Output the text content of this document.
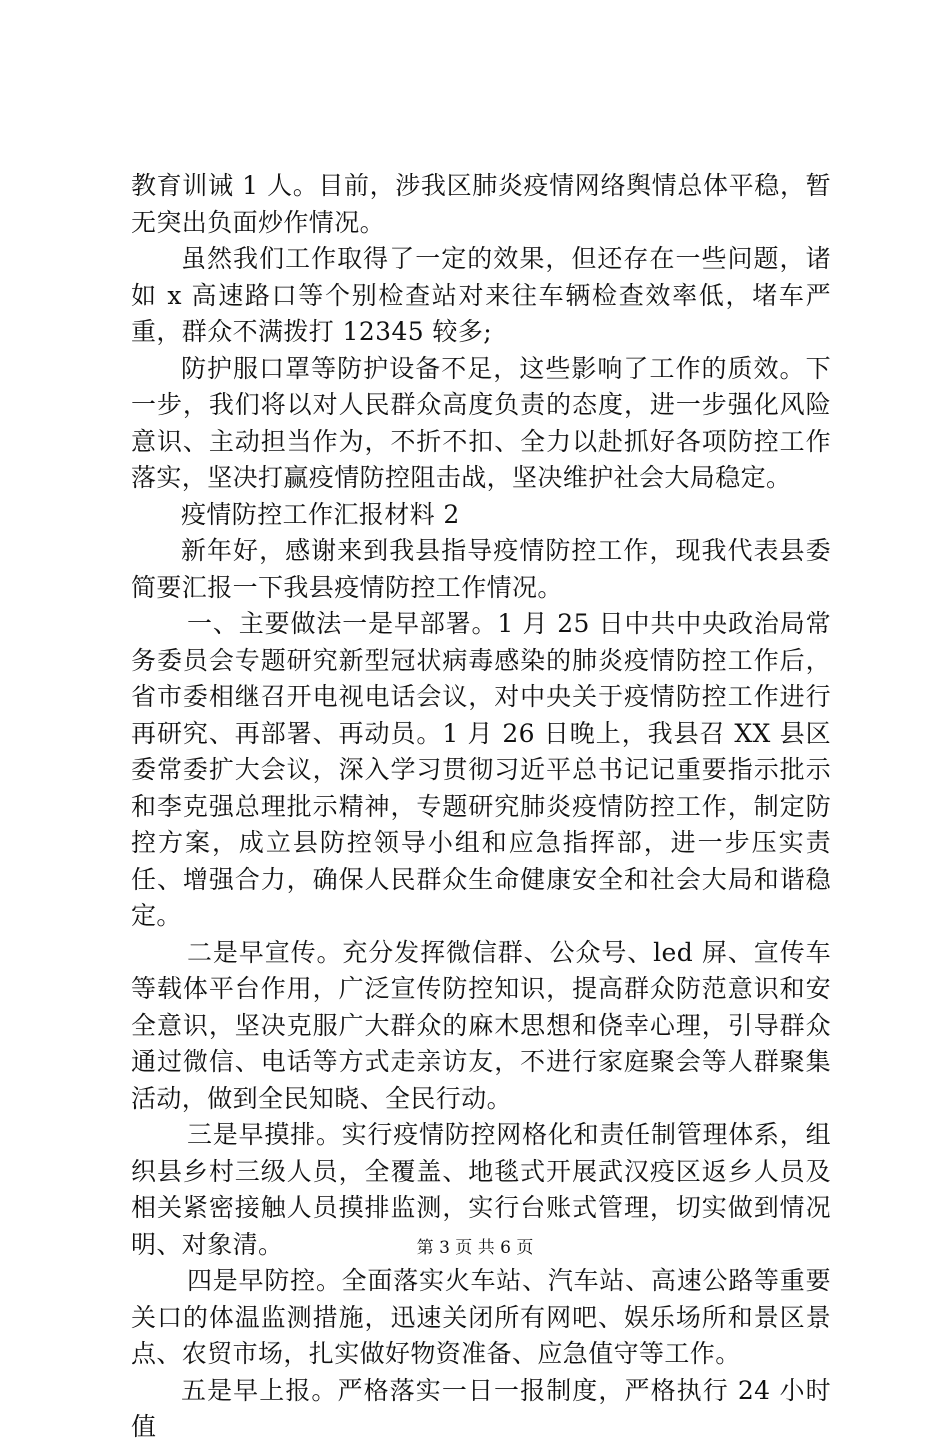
教育训诫 1 人。目前，涉我区肺炎疫情网络舆情总体平稳，暂无突出负面炒作情况。

虽然我们工作取得了一定的效果，但还存在一些问题，诸如 x 高速路口等个别检查站对来往车辆检查效率低，堵车严重，群众不满拨打 12345 较多;

防护服口罩等防护设备不足，这些影响了工作的质效。下一步，我们将以对人民群众高度负责的态度，进一步强化风险意识、主动担当作为，不折不扣、全力以赴抓好各项防控工作落实，坚决打赢疫情防控阻击战，坚决维护社会大局稳定。

疫情防控工作汇报材料 2

新年好，感谢来到我县指导疫情防控工作，现我代表县委简要汇报一下我县疫情防控工作情况。

一、主要做法一是早部署。1 月 25 日中共中央政治局常务委员会专题研究新型冠状病毒感染的肺炎疫情防控工作后，省市委相继召开电视电话会议，对中央关于疫情防控工作进行再研究、再部署、再动员。1 月 26 日晚上，我县召 XX 县区委常委扩大会议，深入学习贯彻习近平总书记记重要指示批示和李克强总理批示精神，专题研究肺炎疫情防控工作，制定防控方案，成立县防控领导小组和应急指挥部，进一步压实责任、增强合力，确保人民群众生命健康安全和社会大局和谐稳定。

二是早宣传。充分发挥微信群、公众号、led 屏、宣传车等载体平台作用，广泛宣传防控知识，提高群众防范意识和安全意识，坚决克服广大群众的麻木思想和侥幸心理，引导群众通过微信、电话等方式走亲访友，不进行家庭聚会等人群聚集活动，做到全民知晓、全民行动。

三是早摸排。实行疫情防控网格化和责任制管理体系，组织县乡村三级人员，全覆盖、地毯式开展武汉疫区返乡人员及相关紧密接触人员摸排监测，实行台账式管理，切实做到情况明、对象清。

四是早防控。全面落实火车站、汽车站、高速公路等重要关口的体温监测措施，迅速关闭所有网吧、娱乐场所和景区景点、农贸市场，扎实做好物资准备、应急值守等工作。

五是早上报。严格落实一日一报制度，严格执行 24 小时值

第 3 页 共 6 页
